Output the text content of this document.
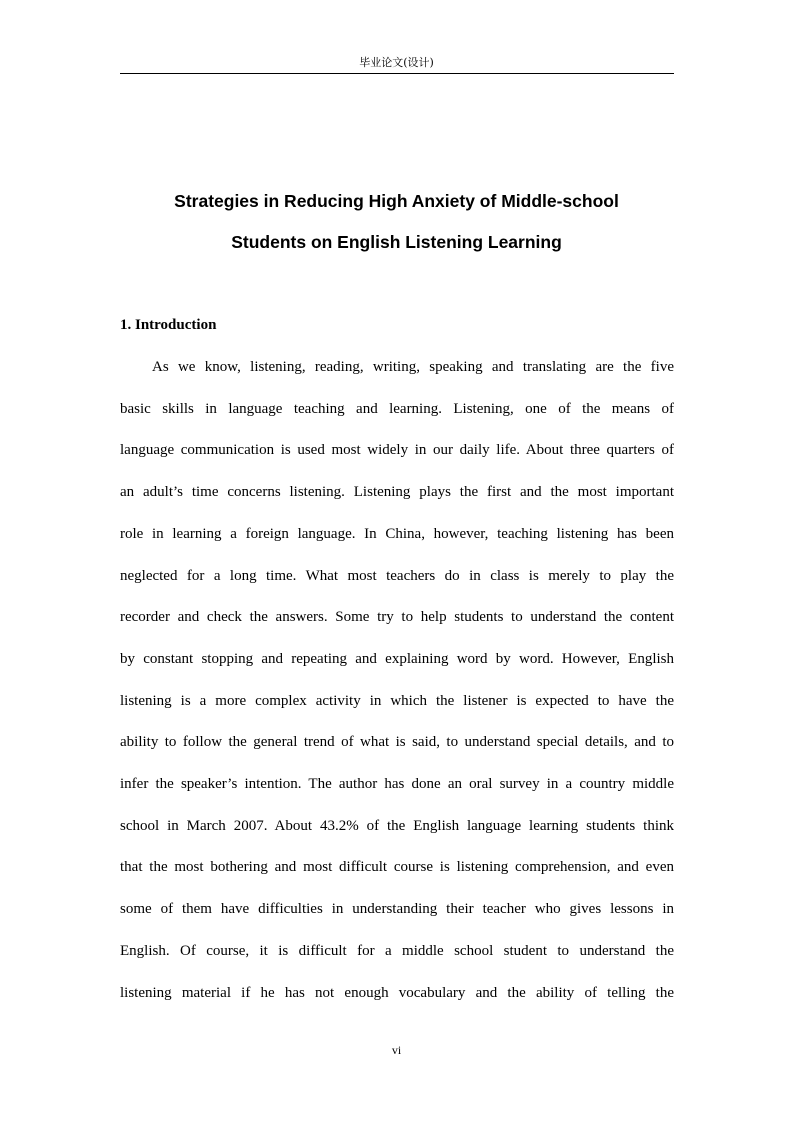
毕业论文(设计)
Strategies in Reducing High Anxiety of Middle-school
Students on English Listening Learning
1. Introduction
As we know, listening, reading, writing, speaking and translating are the five
basic skills in language teaching and learning. Listening, one of the means of
language communication is used most widely in our daily life. About three quarters of
an adult’s time concerns listening. Listening plays the first and the most important
role in learning a foreign language. In China, however, teaching listening has been
neglected for a long time. What most teachers do in class is merely to play the
recorder and check the answers. Some try to help students to understand the content
by constant stopping and repeating and explaining word by word. However, English
listening is a more complex activity in which the listener is expected to have the
ability to follow the general trend of what is said, to understand special details, and to
infer the speaker’s intention. The author has done an oral survey in a country middle
school in March 2007. About 43.2% of the English language learning students think
that the most bothering and most difficult course is listening comprehension, and even
some of them have difficulties in understanding their teacher who gives lessons in
English. Of course, it is difficult for a middle school student to understand the
listening material if he has not enough vocabulary and the ability of telling the
vi
